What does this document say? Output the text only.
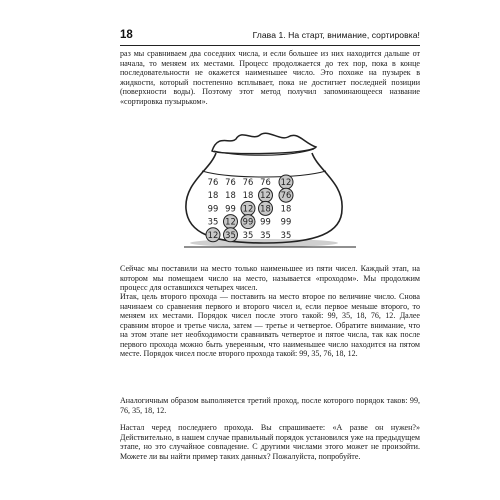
18	Глава 1. На старт, внимание, сортировка!

раз мы сравниваем два соседних числа, и если большее из них находится дальше от начала, то меняем их местами. Процесс продолжается до тех пор, пока в конце последовательности не окажется наименьшее число. Это похоже на пузырек в жидкости, который постепенно всплывает, пока не достигнет последней позиции (поверхности воды). Поэтому этот метод получил запоминающееся название «сортировка пузырьком».

76 76 76 76 12
18 18 18 12 76
99 99 12 18 18
35 12 99 99 99
12 35 35 35 35

Сейчас мы поставили на место только наименьшее из пяти чисел. Каждый этап, на котором мы помещаем число на место, называется «проходом». Мы продолжим процесс для оставшихся четырех чисел.

Итак, цель второго прохода — поставить на место второе по величине число. Снова начинаем со сравнения первого и второго чисел и, если первое меньше второго, то меняем их местами. Порядок чисел после этого такой: 99, 35, 18, 76, 12. Далее сравним второе и третье числа, затем — третье и четвертое. Обратите внимание, что на этом этапе нет необходимости сравнивать четвертое и пятое числа, так как после первого прохода можно быть уверенным, что наименьшее число находится на пятом месте. Порядок чисел после второго прохода такой: 99, 35, 76, 18, 12.

Аналогичным образом выполняется третий проход, после которого порядок таков: 99, 76, 35, 18, 12.

Настал черед последнего прохода. Вы спрашиваете: «А разве он нужен?» Действительно, в нашем случае правильный порядок установился уже на предыдущем этапе, но это случайное совпадение. С другими числами этого может не произойти. Можете ли вы найти пример таких данных? Пожалуйста, попробуйте.
